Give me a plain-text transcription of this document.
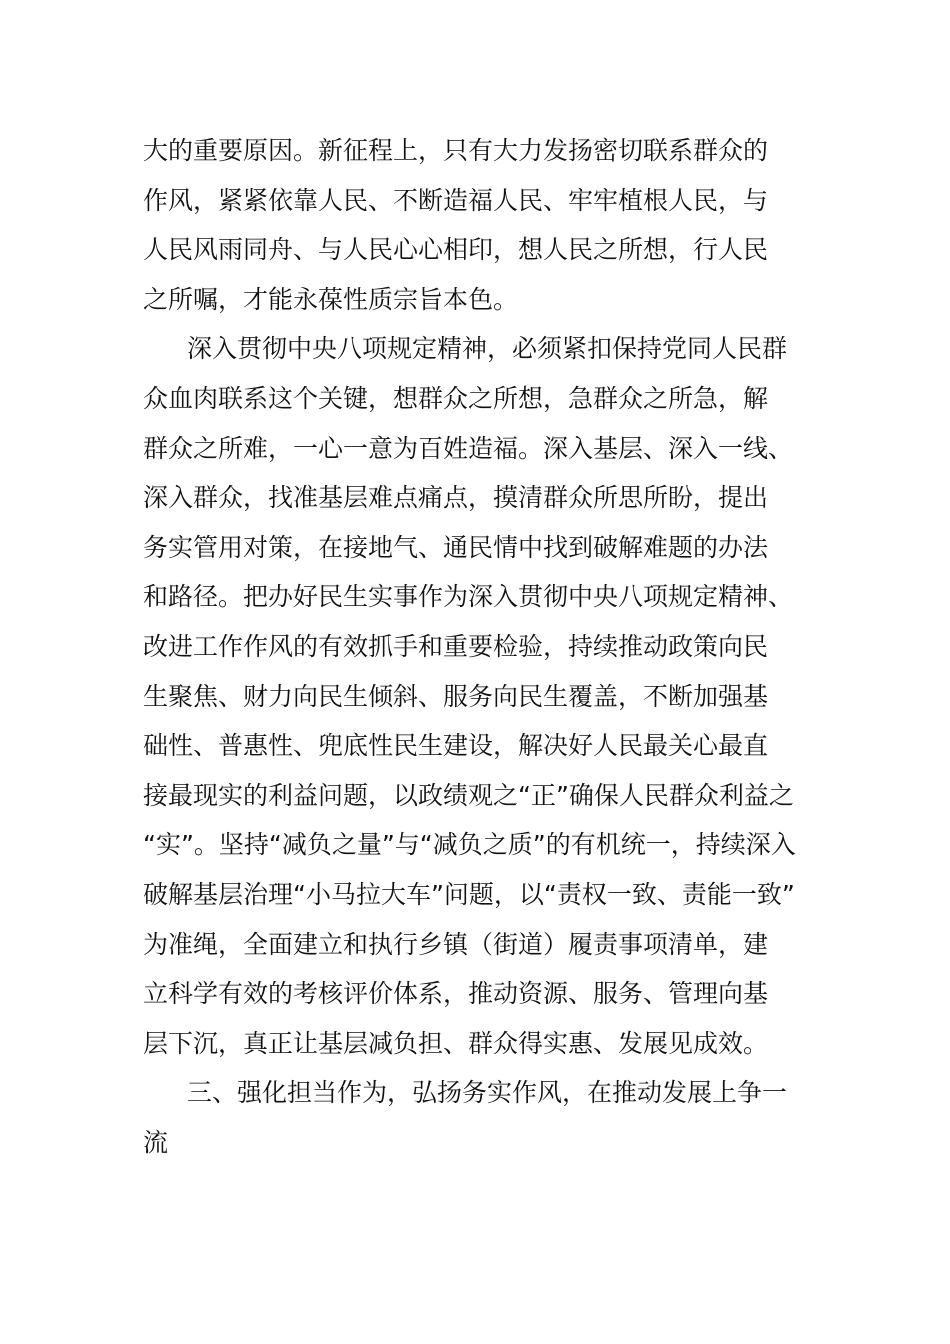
大的重要原因。新征程上，只有大力发扬密切联系群众的
作风，紧紧依靠人民、不断造福人民、牢牢植根人民，与
人民风雨同舟、与人民心心相印，想人民之所想，行人民
之所嘱，才能永葆性质宗旨本色。
深入贯彻中央八项规定精神，必须紧扣保持党同人民群
众血肉联系这个关键，想群众之所想，急群众之所急，解
群众之所难，一心一意为百姓造福。深入基层、深入一线、
深入群众，找准基层难点痛点，摸清群众所思所盼，提出
务实管用对策，在接地气、通民情中找到破解难题的办法
和路径。把办好民生实事作为深入贯彻中央八项规定精神、
改进工作作风的有效抓手和重要检验，持续推动政策向民
生聚焦、财力向民生倾斜、服务向民生覆盖，不断加强基
础性、普惠性、兜底性民生建设，解决好人民最关心最直
接最现实的利益问题，以政绩观之“正”确保人民群众利益之
“实”。坚持“减负之量”与“减负之质”的有机统一，持续深入
破解基层治理“小马拉大车”问题，以“责权一致、责能一致”
为准绳，全面建立和执行乡镇（街道）履责事项清单，建
立科学有效的考核评价体系，推动资源、服务、管理向基
层下沉，真正让基层减负担、群众得实惠、发展见成效。
三、强化担当作为，弘扬务实作风，在推动发展上争一
流
